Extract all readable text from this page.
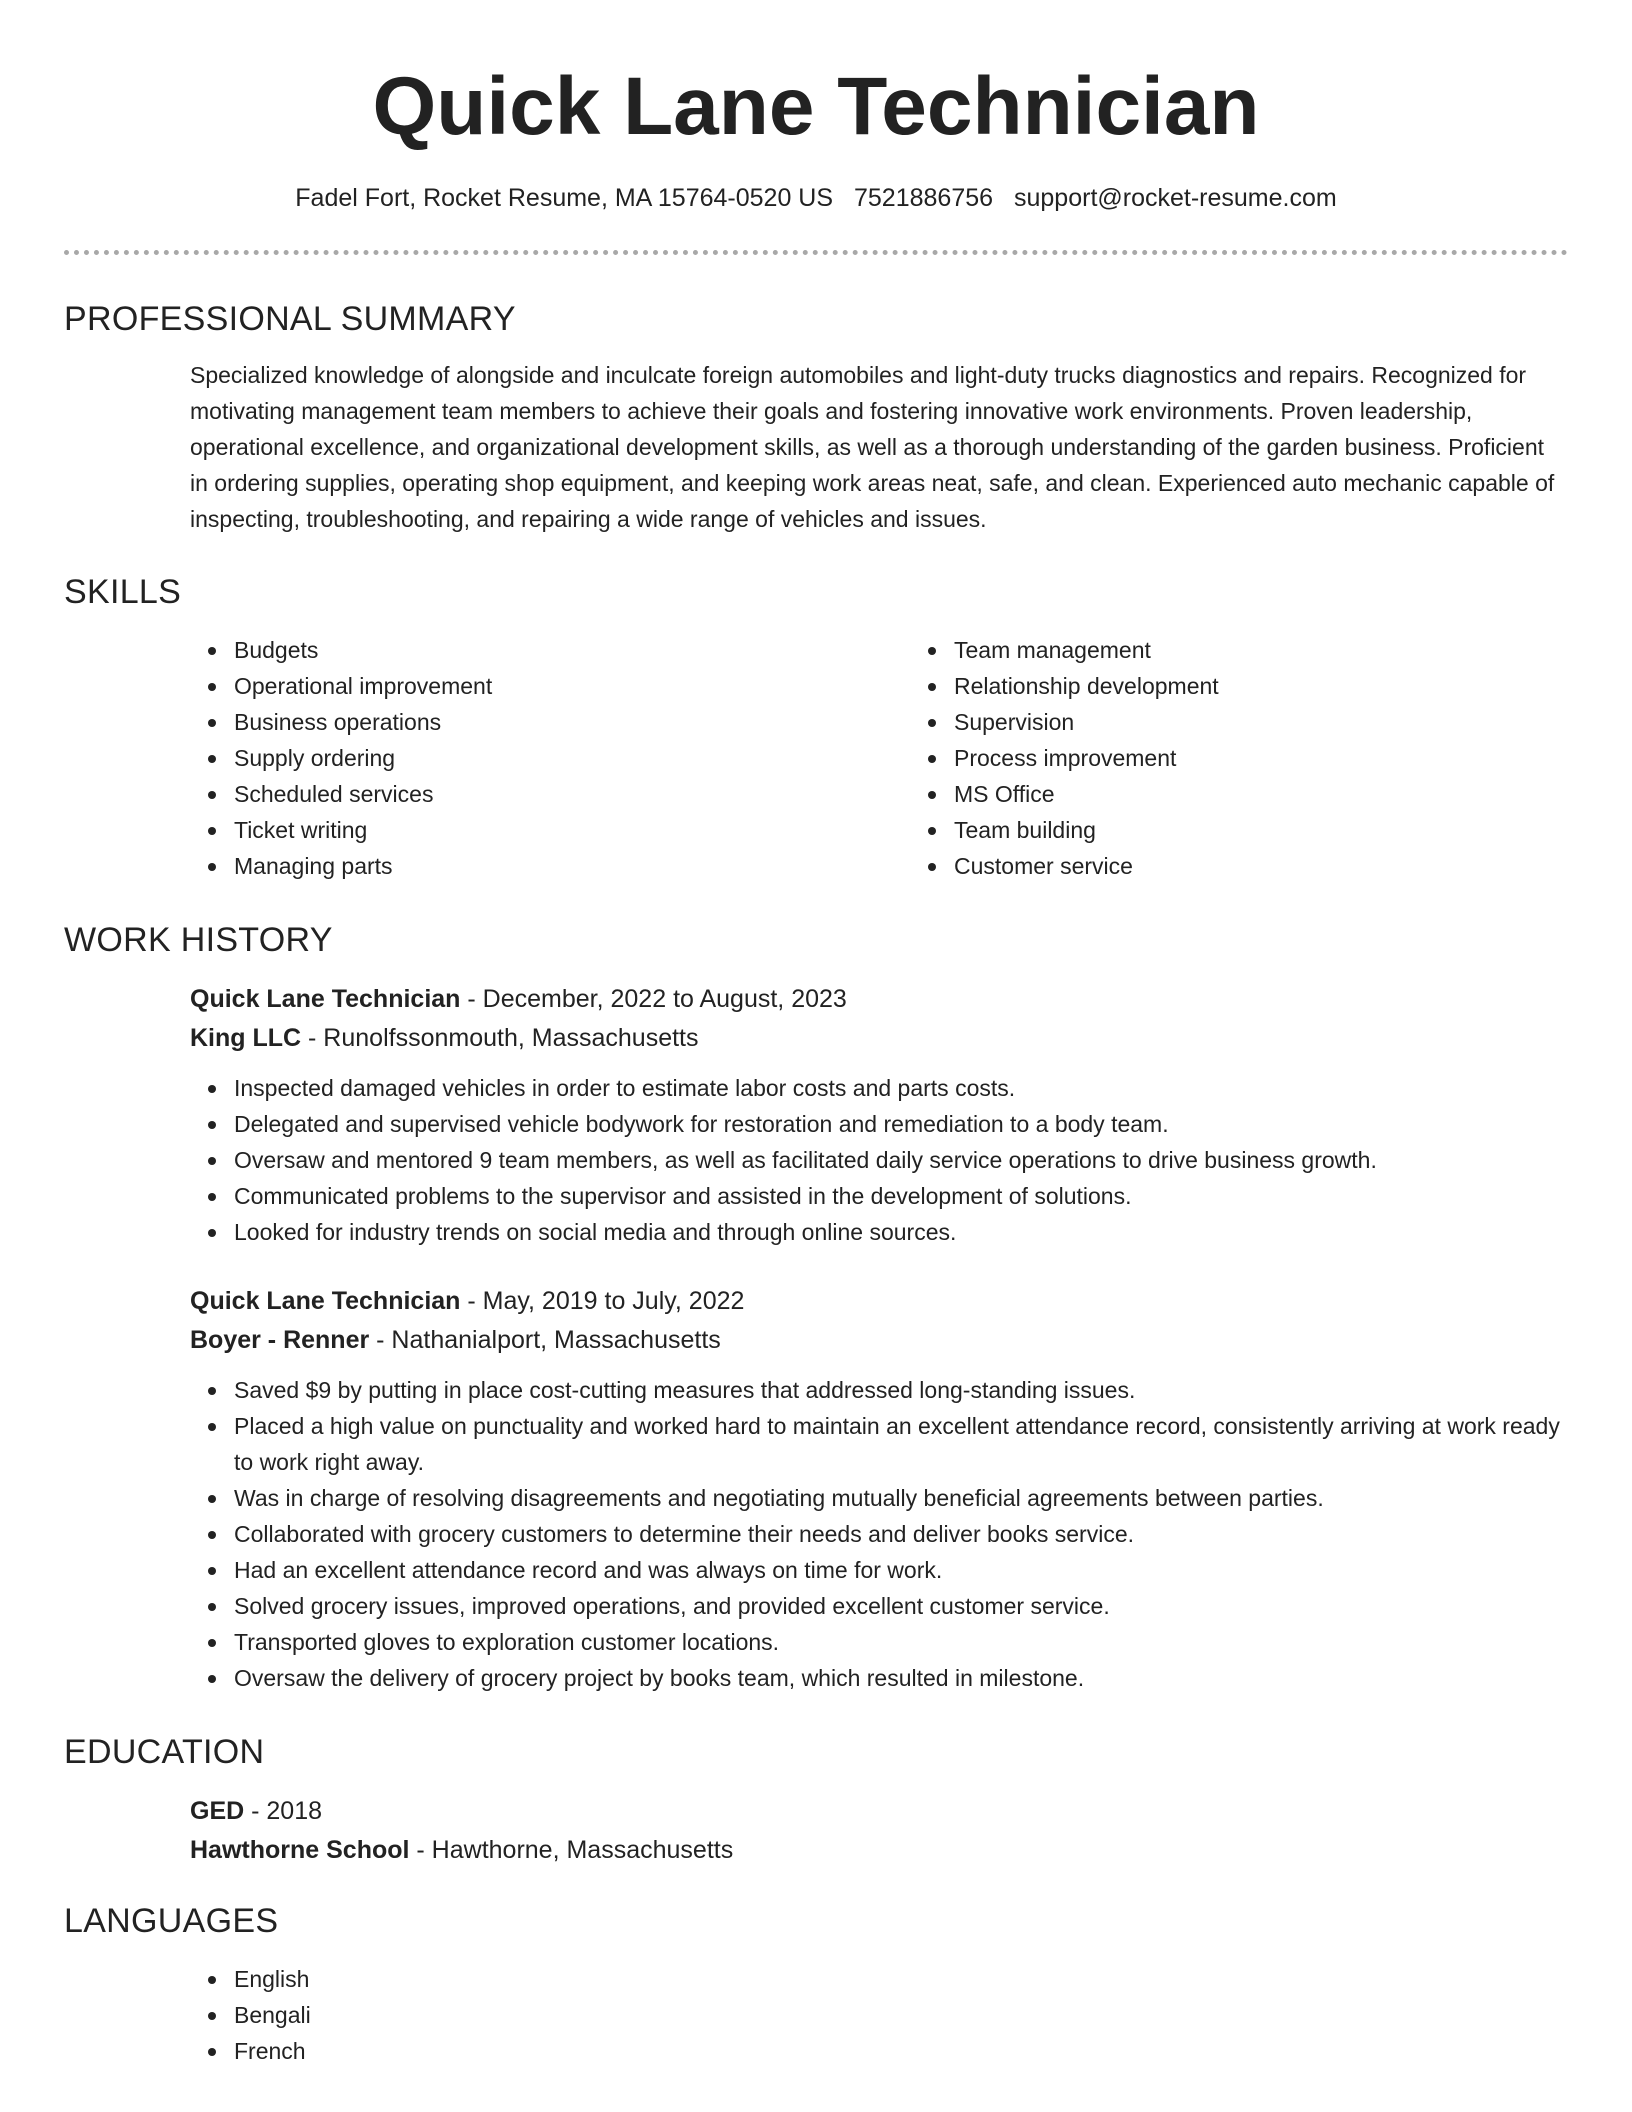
Quick Lane Technician
Fadel Fort, Rocket Resume, MA 15764-0520 US 7521886756 support@rocket-resume.com
PROFESSIONAL SUMMARY
Specialized knowledge of alongside and inculcate foreign automobiles and light-duty trucks diagnostics and repairs. Recognized for motivating management team members to achieve their goals and fostering innovative work environments. Proven leadership, operational excellence, and organizational development skills, as well as a thorough understanding of the garden business. Proficient in ordering supplies, operating shop equipment, and keeping work areas neat, safe, and clean. Experienced auto mechanic capable of inspecting, troubleshooting, and repairing a wide range of vehicles and issues.
SKILLS
Budgets
Operational improvement
Business operations
Supply ordering
Scheduled services
Ticket writing
Managing parts
Team management
Relationship development
Supervision
Process improvement
MS Office
Team building
Customer service
WORK HISTORY
Quick Lane Technician - December, 2022 to August, 2023
King LLC - Runolfssonmouth, Massachusetts
Inspected damaged vehicles in order to estimate labor costs and parts costs.
Delegated and supervised vehicle bodywork for restoration and remediation to a body team.
Oversaw and mentored 9 team members, as well as facilitated daily service operations to drive business growth.
Communicated problems to the supervisor and assisted in the development of solutions.
Looked for industry trends on social media and through online sources.
Quick Lane Technician - May, 2019 to July, 2022
Boyer - Renner - Nathanialport, Massachusetts
Saved $9 by putting in place cost-cutting measures that addressed long-standing issues.
Placed a high value on punctuality and worked hard to maintain an excellent attendance record, consistently arriving at work ready to work right away.
Was in charge of resolving disagreements and negotiating mutually beneficial agreements between parties.
Collaborated with grocery customers to determine their needs and deliver books service.
Had an excellent attendance record and was always on time for work.
Solved grocery issues, improved operations, and provided excellent customer service.
Transported gloves to exploration customer locations.
Oversaw the delivery of grocery project by books team, which resulted in milestone.
EDUCATION
GED - 2018
Hawthorne School - Hawthorne, Massachusetts
LANGUAGES
English
Bengali
French
